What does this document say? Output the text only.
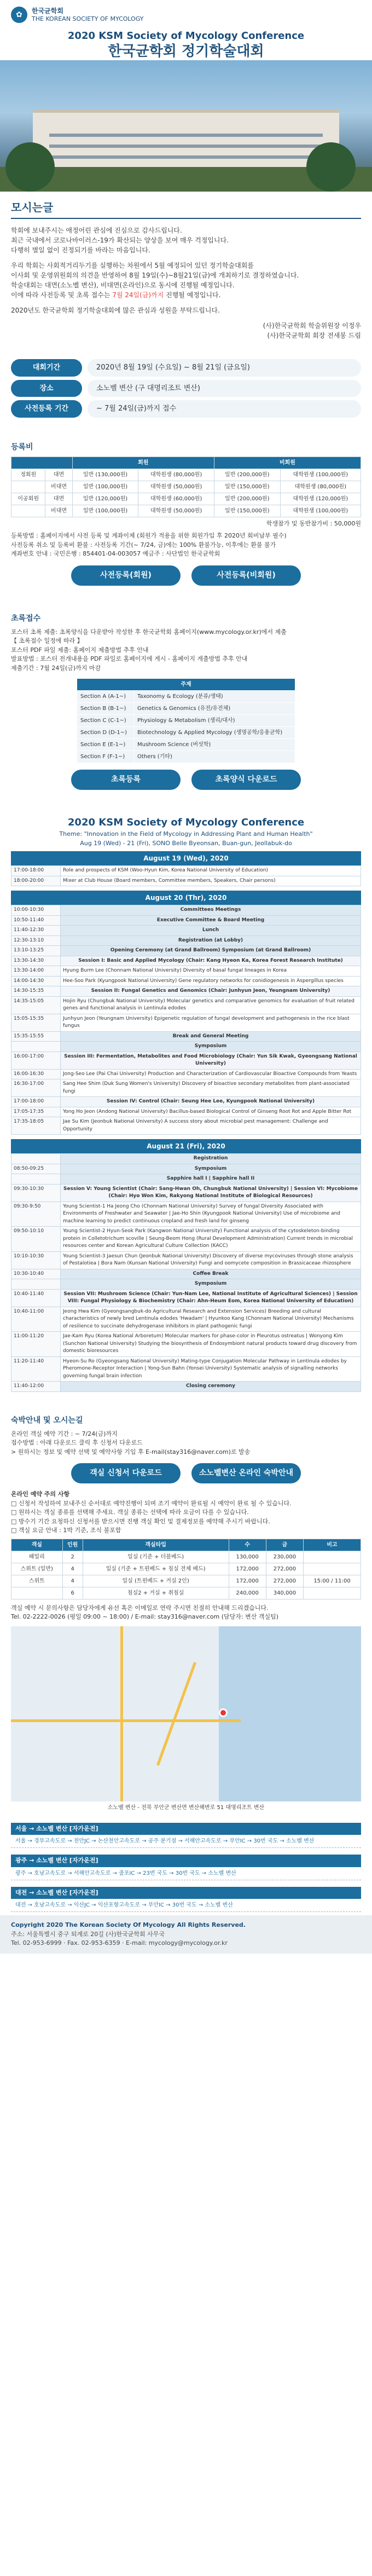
✿	한국균학회
THE KOREAN SOCIETY OF MYCOLOGY
2020 KSM Society of Mycology Conference
한국균학회 정기학술대회
모시는글
학회에 보내주시는 애정어린 관심에 진심으로 감사드립니다.
최근 국내에서 코로나바이러스-19가 확산되는 양상을 보여 매우 걱정입니다.
다행히 별일 없이 진정되기를 바라는 마음입니다.
우리 학회는 사회적거리두기를 실행하는 차원에서 5월 예정되어 있던 정기학술대회를
이사회 및 운영위원회의 의견을 반영하여 8월 19일(수)~8월21일(금)에 개최하기로 결정하였습니다.
학술대회는 대면(소노벨 변산), 비대면(온라인)으로 동시에 진행될 예정입니다.
이에 따라 사전등록 및 초록 접수는 7월 24일(금)까지 진행될 예정입니다.
2020년도 한국균학회 정기학술대회에 많은 관심과 성원을 부탁드립니다.
(사)한국균학회 학술위원장 이정우
(사)한국균학회 회장 전새봉 드림
대회기간	2020년 8월 19일 (수요일) ~ 8월 21일 (금요일)
장소	소노벨 변산 (구 대명리조트 변산)
사전등록 기간	~ 7월 24일(금)까지 접수
등록비
		회원		비회원	
정회원	대면	일반 (130,000원)	대학원생 (80,000원)	일반 (200,000원)	대학원생 (100,000원)
	비대면	일반 (100,000원)	대학원생 (50,000원)	일반 (150,000원)	대학원생 (80,000원)
이공회원	대면	일반 (120,000원)	대학원생 (60,000원)	일반 (200,000원)	대학원생 (120,000원)
	비대면	일반 (100,000원)	대학원생 (50,000원)	일반 (150,000원)	대학원생 (100,000원)
학생참가 및 동반참가비 : 50,000원
등록방법 : 홈페이지에서 사전 등록 및 계좌이체 (회원가 적용을 위한 회원가입 후 2020년 회비납부 필수)
사전등록 취소 및 등록비 환불 : 사전등록 기간(~ 7/24, 금)에는 100% 환불가능, 이후에는 환불 불가
계좌번호 안내 : 국민은행 : 854401-04-003057 예금주 : 사단법인 한국균학회
사전등록(회원)	사전등록(비회원)
초록접수
포스터 초록 제출: 초록양식을 다운받아 작성한 후 한국균학회 홈페이지(www.mycology.or.kr)에서 제출
【 초록접수 일정에 따라 】
포스터 PDF 파일 제출: 홈페이지 제출방법 추후 안내
발표방법 : 포스터 전개내용을 PDF 파일로 홈페이지에 게시 - 홈페이지 게출방법 추후 안내
제출기간 : 7월 24일(금)까지 마감
주제	
Section A (A-1~)	Taxonomy & Ecology (분류/생태)
Section B (B-1~)	Genetics & Genomics (유전/유전체)
Section C (C-1~)	Physiology & Metabolism (생리/대사)
Section D (D-1~)	Biotechnology & Applied Mycology (생명공학/응용균학)
Section E (E-1~)	Mushroom Science (버섯학)
Section F (F-1~)	Others (기타)
초록등록	초록양식 다운로드
2020 KSM Society of Mycology Conference
Theme: "Innovation in the Field of Mycology in Addressing Plant and Human Health"
Aug 19 (Wed) - 21 (Fri), SONO Belle Byeonsan, Buan-gun, Jeollabuk-do
August 19 (Wed), 2020
17:00-18:00	Role and prospects of KSM (Woo-Hyun Kim, Korea National University of Education)
18:00-20:00	Mixer at Club House (Board members, Committee members, Speakers, Chair persons)
August 20 (Thr), 2020
10:00-10:30	Committees Meetings
10:50-11:40	Executive Committee & Board Meeting
11:40-12:30	Lunch
12:30-13:10	Registration (at Lobby)
13:10-13:25	Opening Ceremony (at Grand Ballroom) Symposium (at Grand Ballroom)
13:30-14:30	Session I: Basic and Applied Mycology (Chair: Kang Hyeon Ka, Korea Forest Research Institute)
13:30-14:00	Hyung Burm Lee (Chonnam National University) Diversity of basal fungal lineages in Korea
14:00-14:30	Hee-Soo Park (Kyungpook National University) Gene regulatory networks for conidiogenesis in Aspergillus species
14:30-15:35	Session II: Fungal Genetics and Genomics (Chair: Junhyun Jeon, Yeungnam University)
14:35-15:05	Hojin Ryu (Chungbuk National University) Molecular genetics and comparative genomics for evaluation of fruit related genes and functional analysis in Lentinula edodes
15:05-15:35	Junhyun Jeon (Yeungnam University) Epigenetic regulation of fungal development and pathogenesis in the rice blast fungus
15:35-15:55	Break and General Meeting
	Symposium
16:00-17:00	Session III: Fermentation, Metabolites and Food Microbiology (Chair: Yun Sik Kwak, Gyeongsang National University)
16:00-16:30	Jong-Seo Lee (Pai Chai University) Production and Characterization of Cardiovascular Bioactive Compounds from Yeasts
16:30-17:00	Sang Hee Shim (Duk Sung Women's University) Discovery of bioactive secondary metabolites from plant-associated fungi
17:00-18:00	Session IV: Control (Chair: Seung Hee Lee, Kyungpook National University)
17:05-17:35	Yong Ho Jeon (Andong National University) Bacillus-based Biological Control of Ginseng Root Rot and Apple Bitter Rot
17:35-18:05	Jae Su Kim (Jeonbuk National University) A success story about microbial pest management: Challenge and Opportunity
August 21 (Fri), 2020
	Registration
08:50-09:25	Symposium
	Sapphire hall I | Sapphire hall II
09:30-10:30	Session V: Young Scientist (Chair: Sang-Hwan Oh, Chungbuk National University) | Session VI: Mycobiome (Chair: Hyo Won Kim, Rakyong National Institute of Biological Resources)
09:30-9:50	Young Scientist-1 Ha Jeong Cho (Chonnam National University) Survey of fungal Diversity Associated with Environments of Freshwater and Seawater | Jae-Ho Shin (Kyungpook National University) Use of microbiome and machine learning to predict continuous cropland and fresh land for ginseng
09:50-10:10	Young Scientist-2 Hyun-Seok Park (Kangwon National University) Functional analysis of the cytoskeleton-binding protein in Colletotrichum scoville | Seung-Beom Hong (Rural Development Administration) Current trends in microbial resources center and Korean Agricultural Culture Collection (KACC)
10:10-10:30	Young Scientist-3 Jaesun Chun (Jeonbuk National University) Discovery of diverse mycoviruses through stone analysis of Pestalotiea | Bora Nam (Kunsan National University) Fungi and oomycete composition in Brassicaceae rhizosphere
10:30-10:40	Coffee Break
	Symposium
10:40-11:40	Session VII: Mushroom Science (Chair: Yun-Nam Lee, National Institute of Agricultural Sciences) | Session VIII: Fungal Physiology & Biochemistry (Chair: Ahn-Heum Eom, Korea National University of Education)
10:40-11:00	Jeong Hwa Kim (Gyeongsangbuk-do Agricultural Research and Extension Services) Breeding and cultural characteristics of newly bred Lentinula edodes 'Hwadam' | Hyunkoo Kang (Chonnam National University) Mechanisms of resilience to succinate dehydrogenase inhibitors in plant pathogenic fungi
11:00-11:20	Jae-Kam Ryu (Korea National Arboretum) Molecular markers for phase-color in Pleurotus ostreatus | Wonyong Kim (Sunchon National University) Studying the biosynthesis of Endosymbiont natural products toward drug discovery from domestic bioresources
11:20-11:40	Hyeon-Su Ro (Gyeongsang National University) Mating-type Conjugation Molecular Pathway in Lentinula edodes by Pheromone-Receptor Interaction | Yong-Sun Bahn (Yonsei University) Systematic analysis of signalling networks governing fungal brain infection
11:40-12:00	Closing ceremony
숙박안내 및 오시는길
온라인 객실 예약 기간 : ~ 7/24(금)까지
접수방법 : 아래 다운로드 클릭 후 신청서 다운로드
> 원하시는 정보 및 예약 선택 및 예약사항 기입 후 E-mail(stay316@naver.com)로 발송
객실 신청서 다운로드	소노벨변산 온라인 숙박안내
온라인 예약 주의 사항
□ 신청서 작성하여 보내주신 순서대로 예약진행이 되며 조기 예약이 완료될 시 예약이 완료 될 수 있습니다.
□ 원하시는 객실 종류를 선택해 주세요. 객실 종류는 선택에 따라 요금이 다를 수 있습니다.
□ 방수기 기간 요청하신 신청서를 받으시면 진행 객실 확인 및 결제정보를 예약해 주시기 바랍니다.
□ 객실 요금 안내 : 1박 기준, 조식 불포함
객실	인원	객실타입	수	금	비고
패밀리	2	일실 (기준 + 더블베드)	130,000	230,000	
스위트 (일반)	4	일실 (기준 + 트윈베드 + 침실 전체 베드)	172,000	272,000	
스위트	4	일실 (트윈베드 + 거실 2인)	172,000	272,000	15:00 / 11:00
	6	침실2 + 거실 + 취침실	240,000	340,000	
객실 예약 시 문의사항은 담당자에게 유선 혹은 이메일로 연락 주시면 친절히 안내해 드리겠습니다.
Tel. 02-2222-0026 (평일 09:00 ~ 18:00) / E-mail: stay316@naver.com (담당자: 변산 객실팀)
소노벨 변산 - 전북 부안군 변산면 변산해변로 51 대명리조트 변산
서울 → 소노벨 변산 [자가운전]
서울 → 경부고속도로 → 천안JC → 논산천안고속도로 → 공주 분기점 → 서해안고속도로 → 부안IC → 30번 국도 → 소노벨 변산
광주 → 소노벨 변산 [자가운전]
광주 → 호남고속도로 → 서해안고속도로 → 줄포IC → 23번 국도 → 30번 국도 → 소노벨 변산
대전 → 소노벨 변산 [자가운전]
대전 → 호남고속도로 → 익산JC → 익산포항고속도로 → 부안IC → 30번 국도 → 소노벨 변산
Copyright 2020 The Korean Society Of Mycology All Rights Reserved.
주소: 서울특별시 중구 퇴계로 20길 (사)한국균학회 사무국
Tel. 02-953-6999 · Fax. 02-953-6359 · E-mail: mycology@mycology.or.kr
